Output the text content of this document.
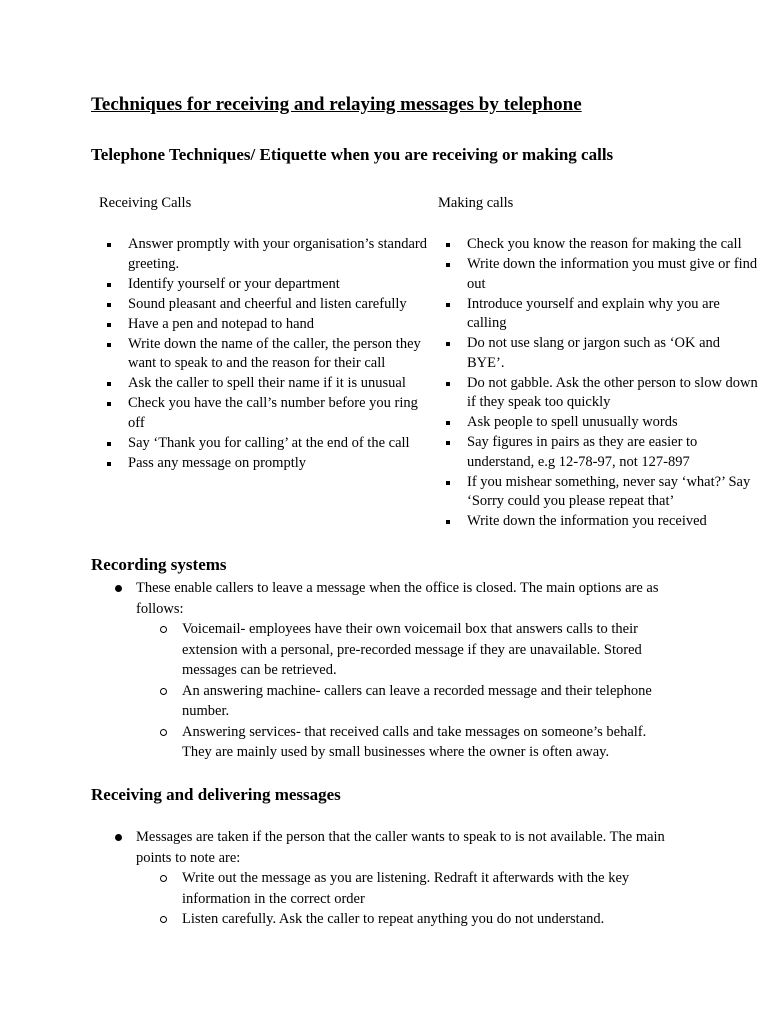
Techniques for receiving and relaying messages by telephone
Telephone Techniques/ Etiquette when you are receiving or making calls
Receiving Calls	Making calls
Answer promptly with your organisation’s standard greeting.
Identify yourself or your department
Sound pleasant and cheerful and listen carefully
Have a pen and notepad to hand
Write down the name of the caller, the person they want to speak to and the reason for their call
Ask the caller to spell their name if it is unusual
Check you have the call’s number before you ring off
Say ‘Thank you for calling’ at the end of the call
Pass any message on promptly
Check you know the reason for making the call
Write down the information you must give or find out
Introduce yourself and explain why you are calling
Do not use slang or jargon such as ‘OK and BYE’.
Do not gabble. Ask the other person to slow down if they speak too quickly
Ask people to spell unusually words
Say figures in pairs as they are easier to understand, e.g 12-78-97, not 127-897
If you mishear something, never say ‘what?’ Say ‘Sorry could you please repeat that’
Write down the information you received
Recording systems
These enable callers to leave a message when the office is closed. The main options are as follows:
Voicemail- employees have their own voicemail box that answers calls to their extension with a personal, pre-recorded message if they are unavailable. Stored messages can be retrieved.
An answering machine- callers can leave a recorded message and their telephone number.
Answering services- that received calls and take messages on someone’s behalf. They are mainly used by small businesses where the owner is often away.
Receiving and delivering messages
Messages are taken if the person that the caller wants to speak to is not available. The main points to note are:
Write out the message as you are listening. Redraft it afterwards with the key information in the correct order
Listen carefully. Ask the caller to repeat anything you do not understand.
